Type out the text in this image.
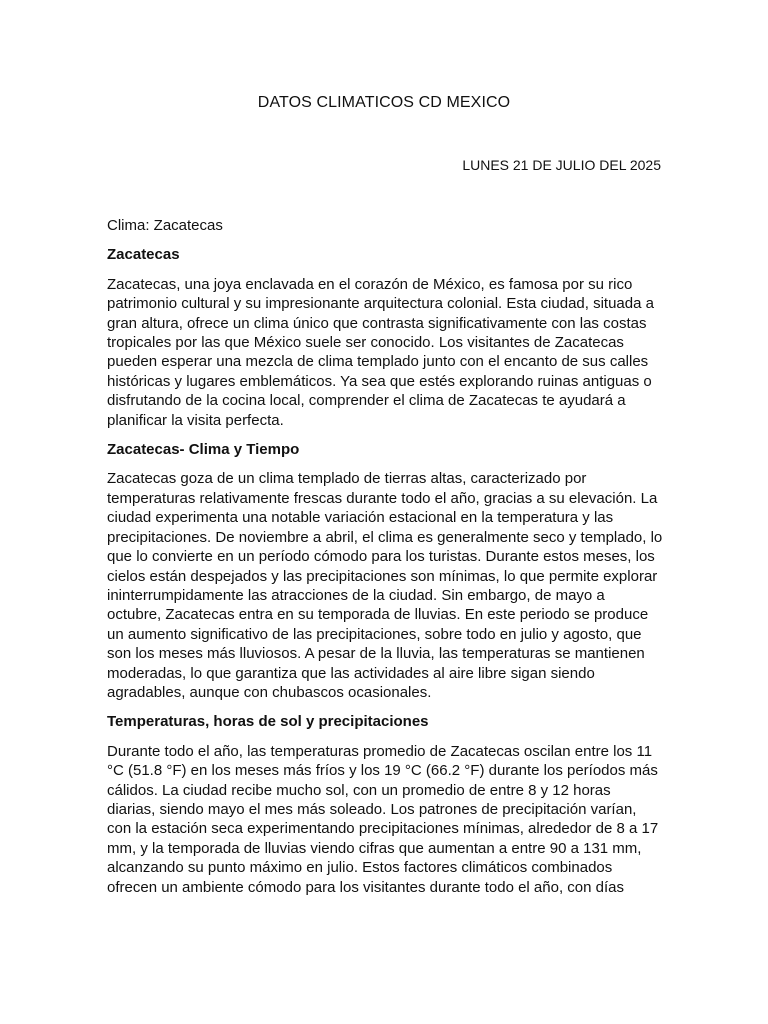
DATOS CLIMATICOS CD MEXICO
LUNES 21 DE JULIO DEL 2025

Clima: Zacatecas

Zacatecas

Zacatecas, una joya enclavada en el corazón de México, es famosa por su rico patrimonio cultural y su impresionante arquitectura colonial. Esta ciudad, situada a gran altura, ofrece un clima único que contrasta significativamente con las costas tropicales por las que México suele ser conocido. Los visitantes de Zacatecas pueden esperar una mezcla de clima templado junto con el encanto de sus calles históricas y lugares emblemáticos. Ya sea que estés explorando ruinas antiguas o disfrutando de la cocina local, comprender el clima de Zacatecas te ayudará a planificar la visita perfecta.

Zacatecas- Clima y Tiempo

Zacatecas goza de un clima templado de tierras altas, caracterizado por temperaturas relativamente frescas durante todo el año, gracias a su elevación. La ciudad experimenta una notable variación estacional en la temperatura y las precipitaciones. De noviembre a abril, el clima es generalmente seco y templado, lo que lo convierte en un período cómodo para los turistas. Durante estos meses, los cielos están despejados y las precipitaciones son mínimas, lo que permite explorar ininterrumpidamente las atracciones de la ciudad. Sin embargo, de mayo a octubre, Zacatecas entra en su temporada de lluvias. En este periodo se produce un aumento significativo de las precipitaciones, sobre todo en julio y agosto, que son los meses más lluviosos. A pesar de la lluvia, las temperaturas se mantienen moderadas, lo que garantiza que las actividades al aire libre sigan siendo agradables, aunque con chubascos ocasionales.

Temperaturas, horas de sol y precipitaciones

Durante todo el año, las temperaturas promedio de Zacatecas oscilan entre los 11 °C (51.8 °F) en los meses más fríos y los 19 °C (66.2 °F) durante los períodos más cálidos. La ciudad recibe mucho sol, con un promedio de entre 8 y 12 horas diarias, siendo mayo el mes más soleado. Los patrones de precipitación varían, con la estación seca experimentando precipitaciones mínimas, alrededor de 8 a 17 mm, y la temporada de lluvias viendo cifras que aumentan a entre 90 a 131 mm, alcanzando su punto máximo en julio. Estos factores climáticos combinados ofrecen un ambiente cómodo para los visitantes durante todo el año, con días
